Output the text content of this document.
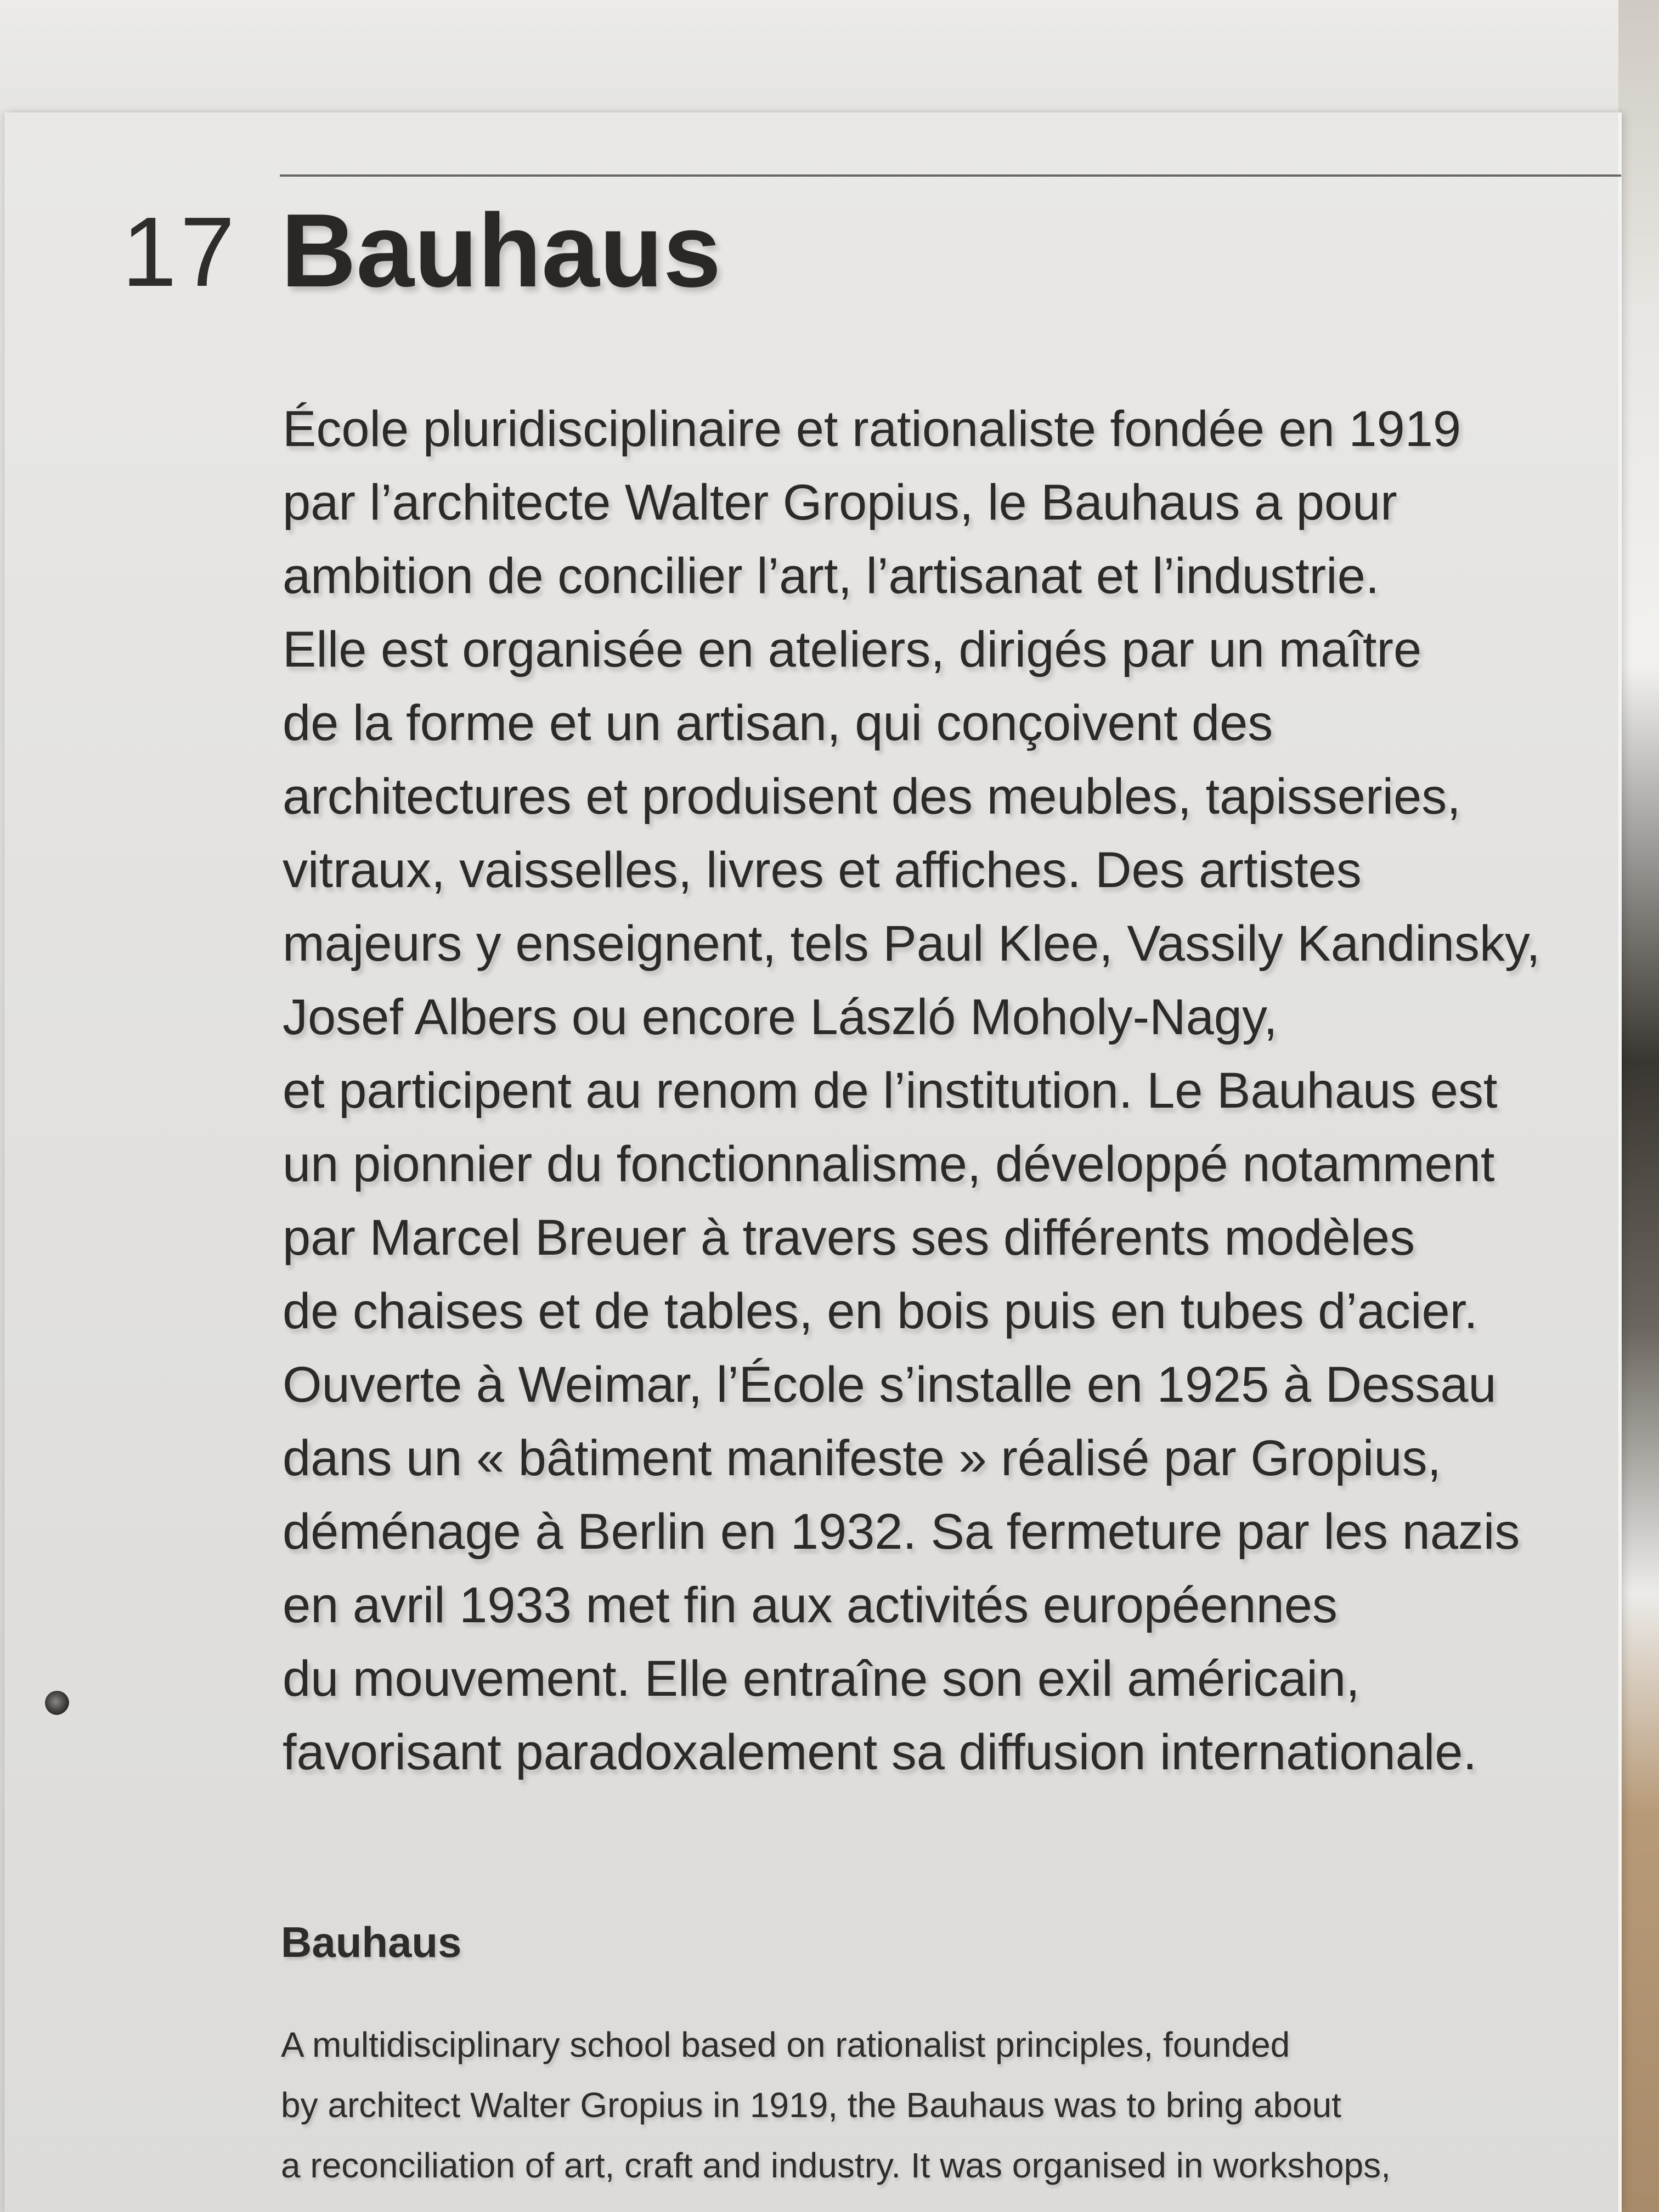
17 Bauhaus
École pluridisciplinaire et rationaliste fondée en 1919
par l’architecte Walter Gropius, le Bauhaus a pour
ambition de concilier l’art, l’artisanat et l’industrie.
Elle est organisée en ateliers, dirigés par un maître
de la forme et un artisan, qui conçoivent des
architectures et produisent des meubles, tapisseries,
vitraux, vaisselles, livres et affiches. Des artistes
majeurs y enseignent, tels Paul Klee, Vassily Kandinsky,
Josef Albers ou encore László Moholy-Nagy,
et participent au renom de l’institution. Le Bauhaus est
un pionnier du fonctionnalisme, développé notamment
par Marcel Breuer à travers ses différents modèles
de chaises et de tables, en bois puis en tubes d’acier.
Ouverte à Weimar, l’École s’installe en 1925 à Dessau
dans un « bâtiment manifeste » réalisé par Gropius,
déménage à Berlin en 1932. Sa fermeture par les nazis
en avril 1933 met fin aux activités européennes
du mouvement. Elle entraîne son exil américain,
favorisant paradoxalement sa diffusion internationale.
Bauhaus
A multidisciplinary school based on rationalist principles, founded
by architect Walter Gropius in 1919, the Bauhaus was to bring about
a reconciliation of art, craft and industry. It was organised in workshops,
